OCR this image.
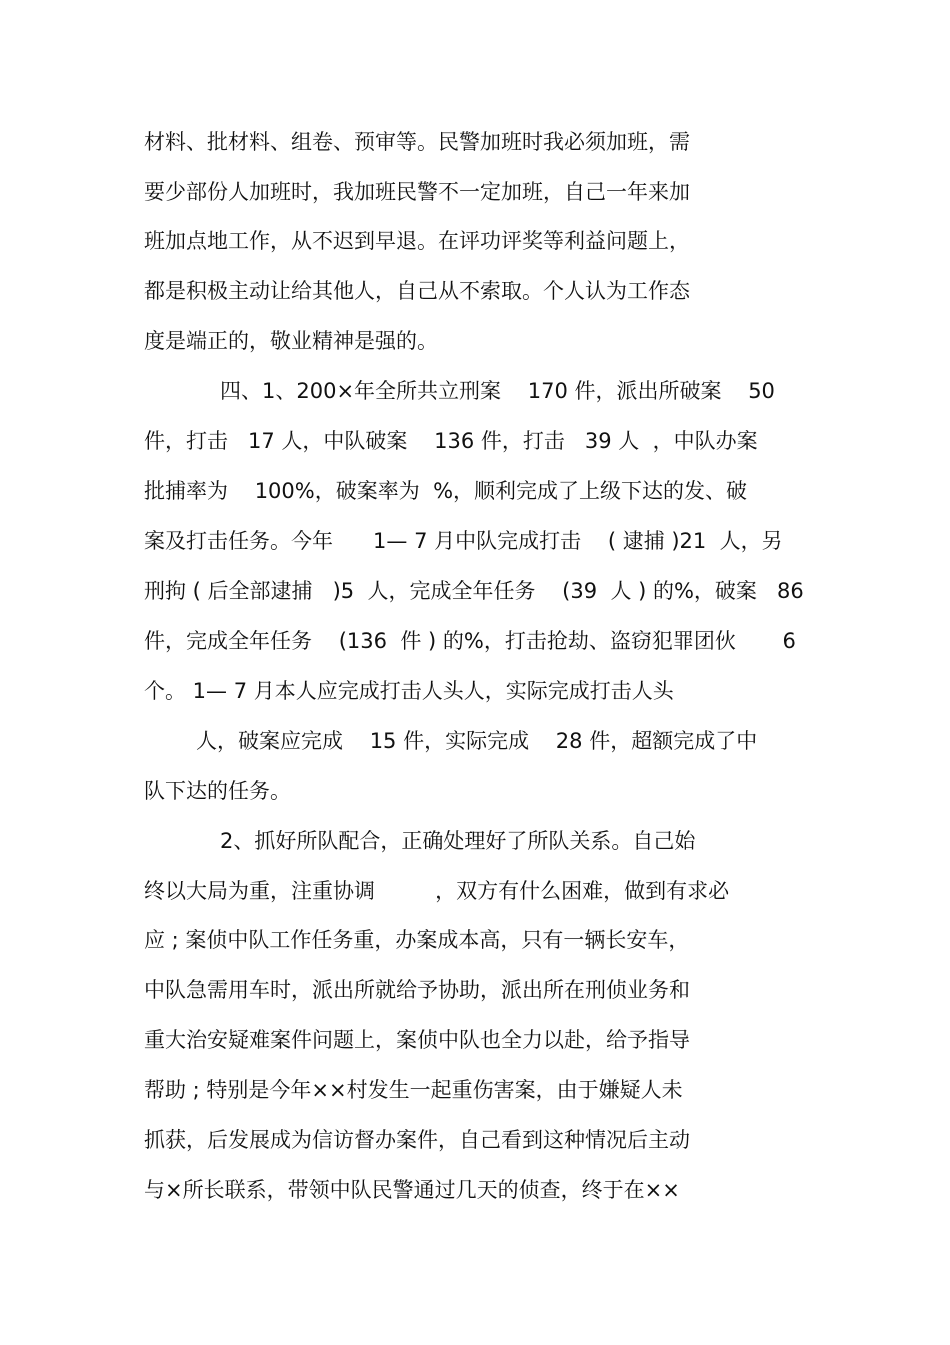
材料、批材料、组卷、预审等。民警加班时我必须加班，需
要少部份人加班时，我加班民警不一定加班，自己一年来加
班加点地工作，从不迟到早退。在评功评奖等利益问题上，
都是积极主动让给其他人，自己从不索取。个人认为工作态
度是端正的，敬业精神是强的。
四、1、200×年全所共立刑案    170 件，派出所破案    50
件，打击   17 人，中队破案    136 件，打击   39 人  ，中队办案
批捕率为    100%，破案率为  %，顺利完成了上级下达的发、破
案及打击任务。今年      1— 7 月中队完成打击    ( 逮捕 )21  人，另
刑拘 ( 后全部逮捕   )5  人，完成全年任务    (39  人 ) 的%，破案   86
件，完成全年任务    (136  件 ) 的%，打击抢劫、盗窃犯罪团伙       6
个。 1— 7 月本人应完成打击人头人，实际完成打击人头
人，破案应完成    15 件，实际完成    28 件，超额完成了中
队下达的任务。
2、抓好所队配合，正确处理好了所队关系。自己始
终以大局为重，注重协调         ，双方有什么困难，做到有求必
应 ; 案侦中队工作任务重，办案成本高，只有一辆长安车，
中队急需用车时，派出所就给予协助，派出所在刑侦业务和
重大治安疑难案件问题上，案侦中队也全力以赴，给予指导
帮助 ; 特别是今年××村发生一起重伤害案，由于嫌疑人未
抓获，后发展成为信访督办案件，自己看到这种情况后主动
与×所长联系，带领中队民警通过几天的侦查，终于在××
